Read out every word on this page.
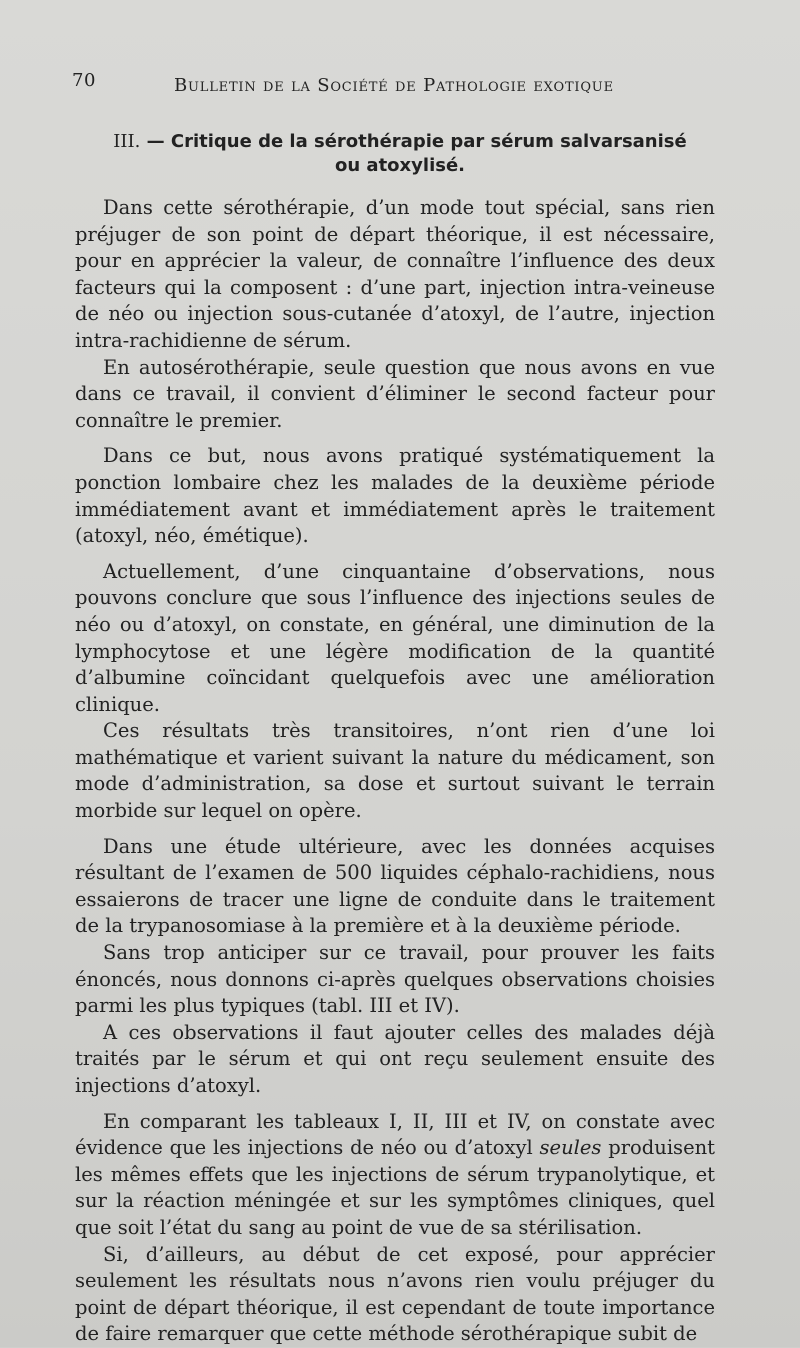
70	Bulletin de la Société de Pathologie exotique
III. — Critique de la sérothérapie par sérum salvarsanisé
ou atoxylisé.

Dans cette sérothérapie, d’un mode tout spécial, sans rien préjuger de son point de départ théorique, il est nécessaire, pour en apprécier la valeur, de connaître l’influence des deux facteurs qui la composent : d’une part, injection intra-veineuse de néo ou injection sous-cutanée d’atoxyl, de l’autre, injection intra-rachidienne de sérum.

En autosérothérapie, seule question que nous avons en vue dans ce travail, il convient d’éliminer le second facteur pour connaître le premier.

Dans ce but, nous avons pratiqué systématiquement la ponction lombaire chez les malades de la deuxième période immédiatement avant et immédiatement après le traitement (atoxyl, néo, émétique).

Actuellement, d’une cinquantaine d’observations, nous pouvons conclure que sous l’influence des injections seules de néo ou d’atoxyl, on constate, en général, une diminution de la lymphocytose et une légère modification de la quantité d’albumine coïncidant quelquefois avec une amélioration clinique.

Ces résultats très transitoires, n’ont rien d’une loi mathématique et varient suivant la nature du médicament, son mode d’administration, sa dose et surtout suivant le terrain morbide sur lequel on opère.

Dans une étude ultérieure, avec les données acquises résultant de l’examen de 500 liquides céphalo-rachidiens, nous essaierons de tracer une ligne de conduite dans le traitement de la trypanosomiase à la première et à la deuxième période.

Sans trop anticiper sur ce travail, pour prouver les faits énoncés, nous donnons ci-après quelques observations choisies parmi les plus typiques (tabl. III et IV).

A ces observations il faut ajouter celles des malades déjà traités par le sérum et qui ont reçu seulement ensuite des injections d’atoxyl.

En comparant les tableaux I, II, III et IV, on constate avec évidence que les injections de néo ou d’atoxyl seules produisent les mêmes effets que les injections de sérum trypanolytique, et sur la réaction méningée et sur les symptômes cliniques, quel que soit l’état du sang au point de vue de sa stérilisation.

Si, d’ailleurs, au début de cet exposé, pour apprécier seulement les résultats nous n’avons rien voulu préjuger du point de départ théorique, il est cependant de toute importance de faire remarquer que cette méthode sérothérapique subit de
